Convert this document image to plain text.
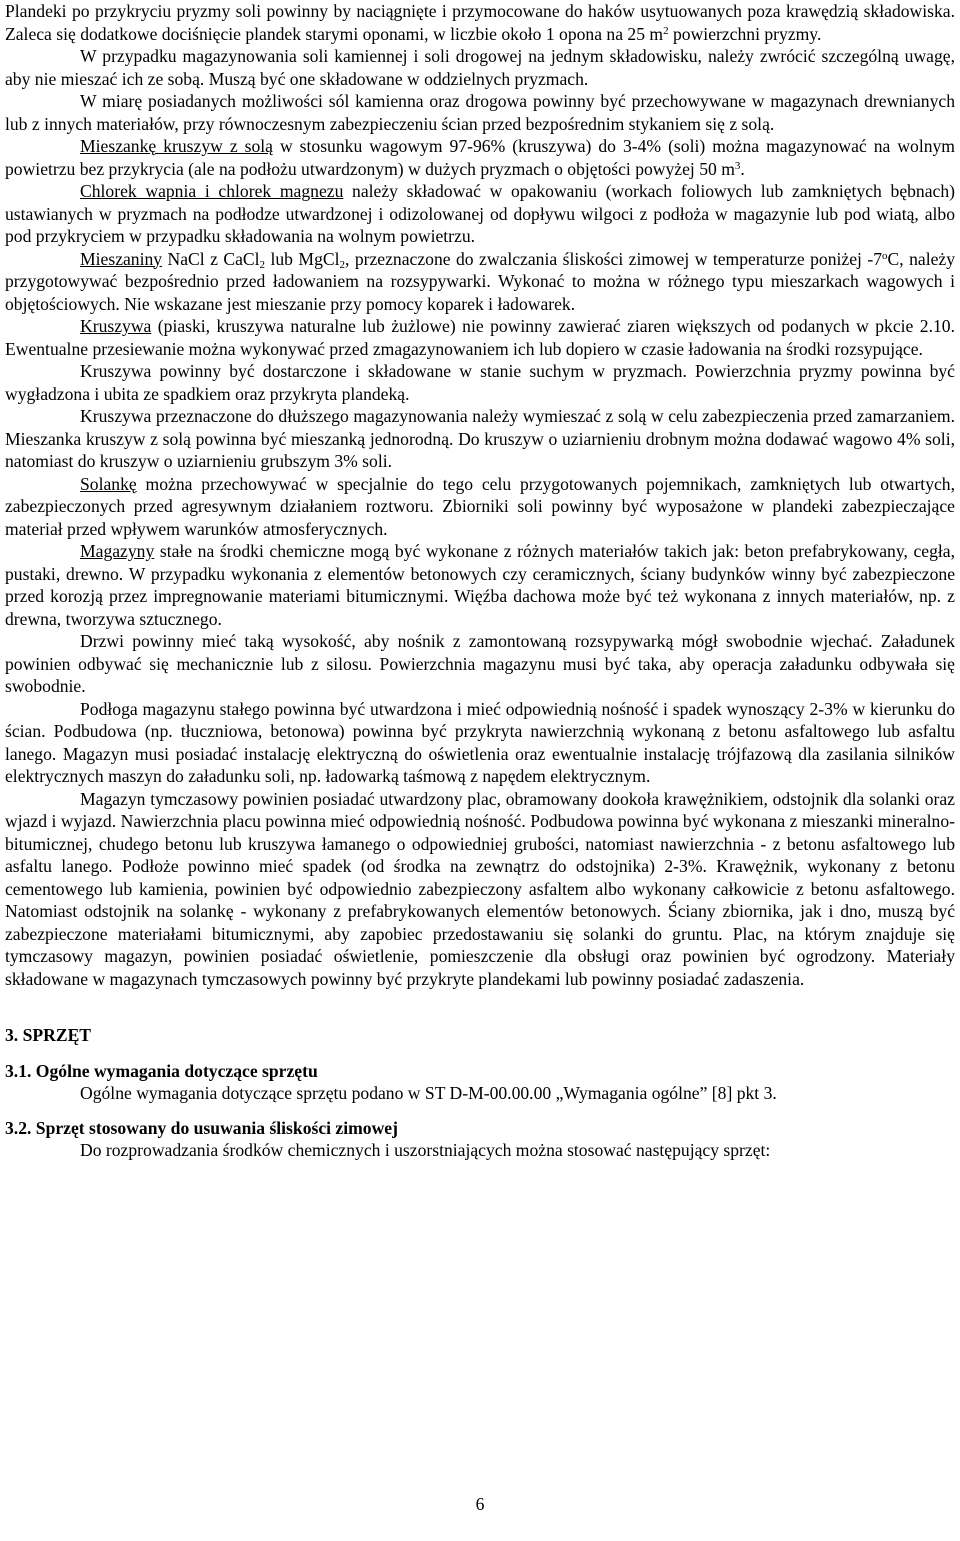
Plandeki po przykryciu pryzmy soli powinny by naciągnięte i przymocowane do haków usytuowanych poza krawędzią składowiska. Zaleca się dodatkowe dociśnięcie plandek starymi oponami, w liczbie około 1 opona na 25 $m^2$ powierzchni pryzmy.

W przypadku magazynowania soli kamiennej i soli drogowej na jednym składowisku, należy zwrócić szczególną uwagę, aby nie mieszać ich ze sobą. Muszą być one składowane w oddzielnych pryzmach.

W miarę posiadanych możliwości sól kamienna oraz drogowa powinny być przechowywane w magazynach drewnianych lub z innych materiałów, przy równoczesnym zabezpieczeniu ścian przed bezpośrednim stykaniem się z solą.

Mieszankę kruszyw z solą w stosunku wagowym 97-96% (kruszywa) do 3-4% (soli) można magazynować na wolnym powietrzu bez przykrycia (ale na podłożu utwardzonym) w dużych pryzmach o objętości powyżej 50 $m^3$.

Chlorek wapnia i chlorek magnezu należy składować w opakowaniu (workach foliowych lub zamkniętych bębnach) ustawianych w pryzmach na podłodze utwardzonej i odizolowanej od dopływu wilgoci z podłoża w magazynie lub pod wiatą, albo pod przykryciem w przypadku składowania na wolnym powietrzu.

Mieszaniny NaCl z CaCl$_2$ lub MgCl$_2$, przeznaczone do zwalczania śliskości zimowej w temperaturze poniżej -7$^o$C, należy przygotowywać bezpośrednio przed ładowaniem na rozsypywarki. Wykonać to można w różnego typu mieszarkach wagowych i objętościowych. Nie wskazane jest mieszanie przy pomocy koparek i ładowarek.

Kruszywa (piaski, kruszywa naturalne lub żużlowe) nie powinny zawierać ziaren większych od podanych w pkcie 2.10. Ewentualne przesiewanie można wykonywać przed zmagazynowaniem ich lub dopiero w czasie ładowania na środki rozsypujące.

Kruszywa powinny być dostarczone i składowane w stanie suchym w pryzmach. Powierzchnia pryzmy powinna być wygładzona i ubita ze spadkiem oraz przykryta plandeką.

Kruszywa przeznaczone do dłuższego magazynowania należy wymieszać z solą w celu zabezpieczenia przed zamarzaniem. Mieszanka kruszyw z solą powinna być mieszanką jednorodną. Do kruszyw o uziarnieniu drobnym można dodawać wagowo 4% soli, natomiast do kruszyw o uziarnieniu grubszym 3% soli.

Solankę można przechowywać w specjalnie do tego celu przygotowanych pojemnikach, zamkniętych lub otwartych, zabezpieczonych przed agresywnym działaniem roztworu. Zbiorniki soli powinny być wyposażone w plandeki zabezpieczające materiał przed wpływem warunków atmosferycznych.

Magazyny stałe na środki chemiczne mogą być wykonane z różnych materiałów takich jak: beton prefabrykowany, cegła, pustaki, drewno. W przypadku wykonania z elementów betonowych czy ceramicznych, ściany budynków winny być zabezpieczone przed korozją przez impregnowanie materiami bitumicznymi. Więźba dachowa może być też wykonana z innych materiałów, np. z drewna, tworzywa sztucznego.

Drzwi powinny mieć taką wysokość, aby nośnik z zamontowaną rozsypywarką mógł swobodnie wjechać. Załadunek powinien odbywać się mechanicznie lub z silosu. Powierzchnia magazynu musi być taka, aby operacja załadunku odbywała się swobodnie.

Podłoga magazynu stałego powinna być utwardzona i mieć odpowiednią nośność i spadek wynoszący 2-3% w kierunku do ścian. Podbudowa (np. tłuczniowa, betonowa) powinna być przykryta nawierzchnią wykonaną z betonu asfaltowego lub asfaltu lanego. Magazyn musi posiadać instalację elektryczną do oświetlenia oraz ewentualnie instalację trójfazową dla zasilania silników elektrycznych maszyn do załadunku soli, np. ładowarką taśmową z napędem elektrycznym.

Magazyn tymczasowy powinien posiadać utwardzony plac, obramowany dookoła krawężnikiem, odstojnik dla solanki oraz wjazd i wyjazd. Nawierzchnia placu powinna mieć odpowiednią nośność. Podbudowa powinna być wykonana z mieszanki mineralno-bitumicznej, chudego betonu lub kruszywa łamanego o odpowiedniej grubości, natomiast nawierzchnia - z betonu asfaltowego lub asfaltu lanego. Podłoże powinno mieć spadek (od środka na zewnątrz do odstojnika) 2-3%. Krawężnik, wykonany z betonu cementowego lub kamienia, powinien być odpowiednio zabezpieczony asfaltem albo wykonany całkowicie z betonu asfaltowego. Natomiast odstojnik na solankę - wykonany z prefabrykowanych elementów betonowych. Ściany zbiornika, jak i dno, muszą być zabezpieczone materiałami bitumicznymi, aby zapobiec przedostawaniu się solanki do gruntu. Plac, na którym znajduje się tymczasowy magazyn, powinien posiadać oświetlenie, pomieszczenie dla obsługi oraz powinien być ogrodzony. Materiały składowane w magazynach tymczasowych powinny być przykryte plandekami lub powinny posiadać zadaszenia.

3. SPRZĘT
3.1. Ogólne wymagania dotyczące sprzętu

Ogólne wymagania dotyczące sprzętu podano w ST D-M-00.00.00 „Wymagania ogólne” [8] pkt 3.

3.2. Sprzęt stosowany do usuwania śliskości zimowej

Do rozprowadzania środków chemicznych i uszorstniających można stosować następujący sprzęt:

6
